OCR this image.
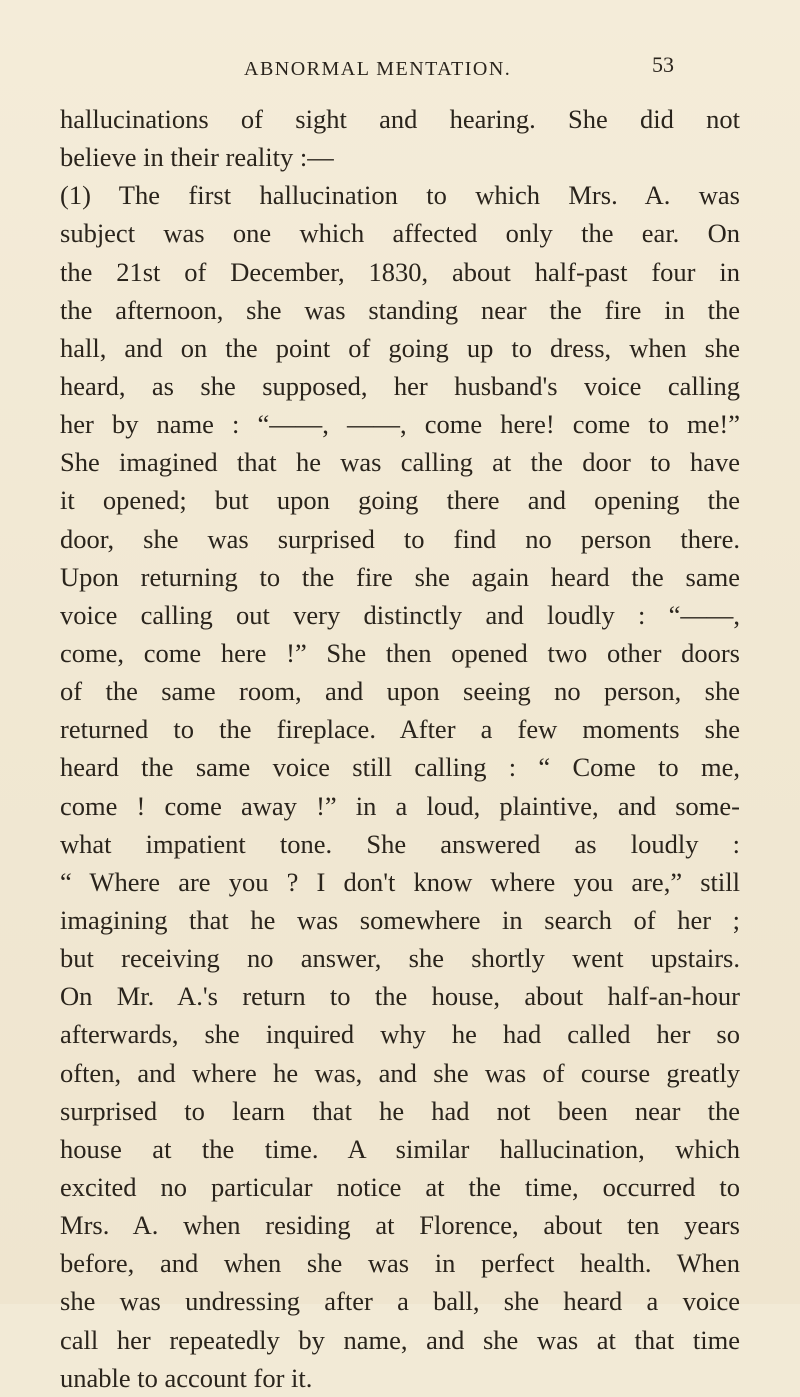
ABNORMAL MENTATION.	53
hallucinations of sight and hearing. She did not
believe in their reality :—
(1) The first hallucination to which Mrs. A. was
subject was one which affected only the ear. On
the 21st of December, 1830, about half-past four in
the afternoon, she was standing near the fire in the
hall, and on the point of going up to dress, when she
heard, as she supposed, her husband's voice calling
her by name : “——, ——, come here! come to me!”
She imagined that he was calling at the door to have
it opened; but upon going there and opening the
door, she was surprised to find no person there.
Upon returning to the fire she again heard the same
voice calling out very distinctly and loudly : “——,
come, come here !” She then opened two other doors
of the same room, and upon seeing no person, she
returned to the fireplace. After a few moments she
heard the same voice still calling : “ Come to me,
come ! come away !” in a loud, plaintive, and some-
what impatient tone. She answered as loudly :
“ Where are you ? I don't know where you are,” still
imagining that he was somewhere in search of her ;
but receiving no answer, she shortly went upstairs.
On Mr. A.'s return to the house, about half-an-hour
afterwards, she inquired why he had called her so
often, and where he was, and she was of course greatly
surprised to learn that he had not been near the
house at the time. A similar hallucination, which
excited no particular notice at the time, occurred to
Mrs. A. when residing at Florence, about ten years
before, and when she was in perfect health. When
she was undressing after a ball, she heard a voice
call her repeatedly by name, and she was at that time
unable to account for it.
